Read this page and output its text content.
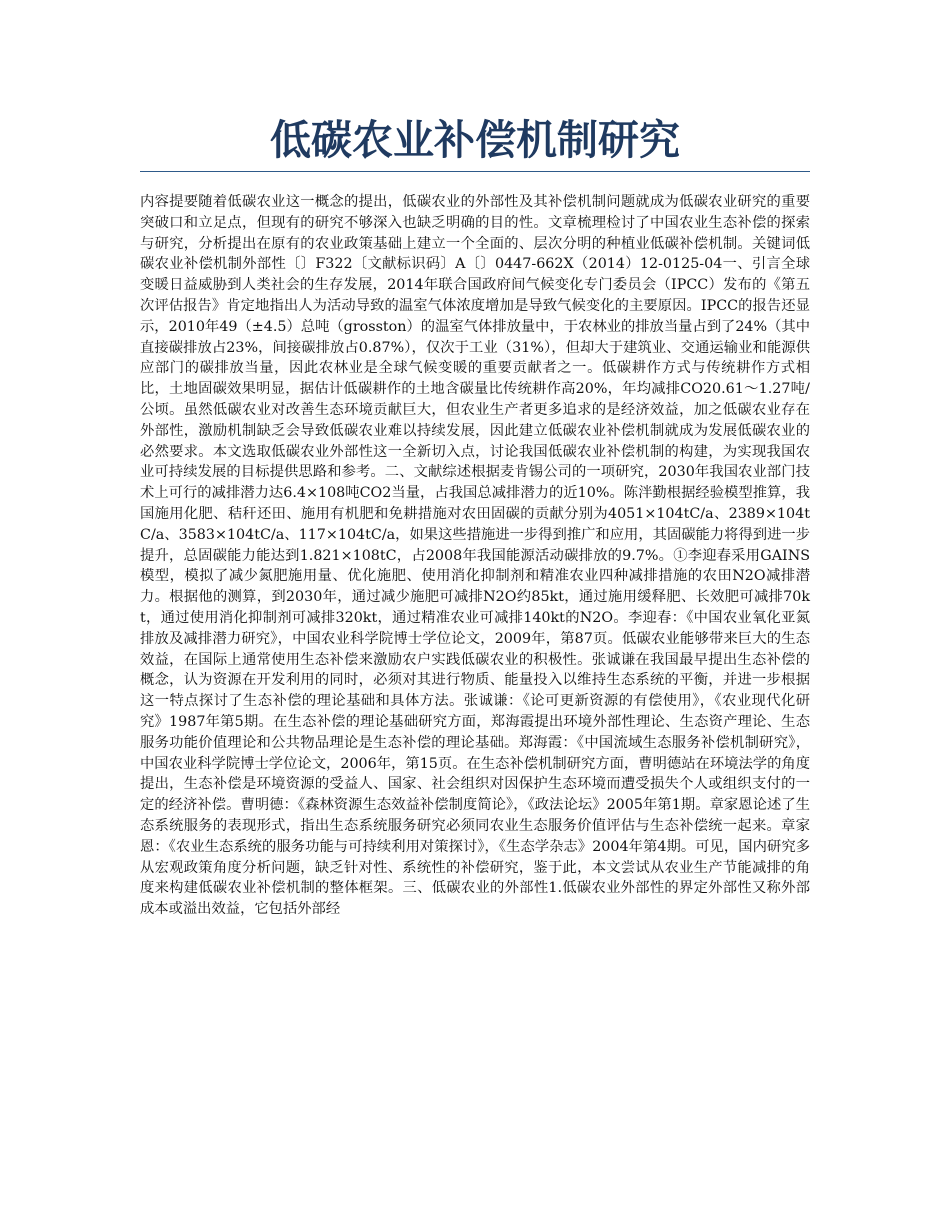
低碳农业补偿机制研究

内容提要随着低碳农业这一概念的提出，低碳农业的外部性及其补偿机制问题就成为低碳农业研究的重要突破口和立足点，但现有的研究不够深入也缺乏明确的目的性。文章梳理检讨了中国农业生态补偿的探索与研究，分析提出在原有的农业政策基础上建立一个全面的、层次分明的种植业低碳补偿机制。关键词低碳农业补偿机制外部性〔〕F322〔文献标识码〕A〔〕0447-662X（2014）12-0125-04一、引言全球变暖日益威胁到人类社会的生存发展，2014年联合国政府间气候变化专门委员会（IPCC）发布的《第五次评估报告》肯定地指出人为活动导致的温室气体浓度增加是导致气候变化的主要原因。IPCC的报告还显示，2010年49（±4.5）总吨（grosston）的温室气体排放量中，于农林业的排放当量占到了24%（其中直接碳排放占23%，间接碳排放占0.87%），仅次于工业（31%），但却大于建筑业、交通运输业和能源供应部门的碳排放当量，因此农林业是全球气候变暖的重要贡献者之一。低碳耕作方式与传统耕作方式相比，土地固碳效果明显，据估计低碳耕作的土地含碳量比传统耕作高20%，年均减排CO20.61～1.27吨/公顷。虽然低碳农业对改善生态环境贡献巨大，但农业生产者更多追求的是经济效益，加之低碳农业存在外部性，激励机制缺乏会导致低碳农业难以持续发展，因此建立低碳农业补偿机制就成为发展低碳农业的必然要求。本文选取低碳农业外部性这一全新切入点，讨论我国低碳农业补偿机制的构建，为实现我国农业可持续发展的目标提供思路和参考。二、文献综述根据麦肯锡公司的一项研究，2030年我国农业部门技术上可行的减排潜力达6.4×108吨CO2当量，占我国总减排潜力的近10%。陈泮勤根据经验模型推算，我国施用化肥、秸秆还田、施用有机肥和免耕措施对农田固碳的贡献分别为4051×104tC/a、2389×104tC/a、3583×104tC/a、117×104tC/a，如果这些措施进一步得到推广和应用，其固碳能力将得到进一步提升，总固碳能力能达到1.821×108tC，占2008年我国能源活动碳排放的9.7%。①李迎春采用GAINS模型，模拟了减少氮肥施用量、优化施肥、使用消化抑制剂和精准农业四种减排措施的农田N2O减排潜力。根据他的测算，到2030年，通过减少施肥可减排N2O约85kt，通过施用缓释肥、长效肥可减排70kt，通过使用消化抑制剂可减排320kt，通过精准农业可减排140kt的N2O。李迎春：《中国农业氧化亚氮排放及减排潜力研究》，中国农业科学院博士学位论文，2009年，第87页。低碳农业能够带来巨大的生态效益，在国际上通常使用生态补偿来激励农户实践低碳农业的积极性。张诚谦在我国最早提出生态补偿的概念，认为资源在开发利用的同时，必须对其进行物质、能量投入以维持生态系统的平衡，并进一步根据这一特点探讨了生态补偿的理论基础和具体方法。张诚谦：《论可更新资源的有偿使用》，《农业现代化研究》1987年第5期。在生态补偿的理论基础研究方面，郑海霞提出环境外部性理论、生态资产理论、生态服务功能价值理论和公共物品理论是生态补偿的理论基础。郑海霞：《中国流域生态服务补偿机制研究》，中国农业科学院博士学位论文，2006年，第15页。在生态补偿机制研究方面，曹明德站在环境法学的角度提出，生态补偿是环境资源的受益人、国家、社会组织对因保护生态环境而遭受损失个人或组织支付的一定的经济补偿。曹明德：《森林资源生态效益补偿制度简论》，《政法论坛》2005年第1期。章家恩论述了生态系统服务的表现形式，指出生态系统服务研究必须同农业生态服务价值评估与生态补偿统一起来。章家恩：《农业生态系统的服务功能与可持续利用对策探讨》，《生态学杂志》2004年第4期。可见，国内研究多从宏观政策角度分析问题，缺乏针对性、系统性的补偿研究，鉴于此，本文尝试从农业生产节能减排的角度来构建低碳农业补偿机制的整体框架。三、低碳农业的外部性1.低碳农业外部性的界定外部性又称外部成本或溢出效益，它包括外部经
